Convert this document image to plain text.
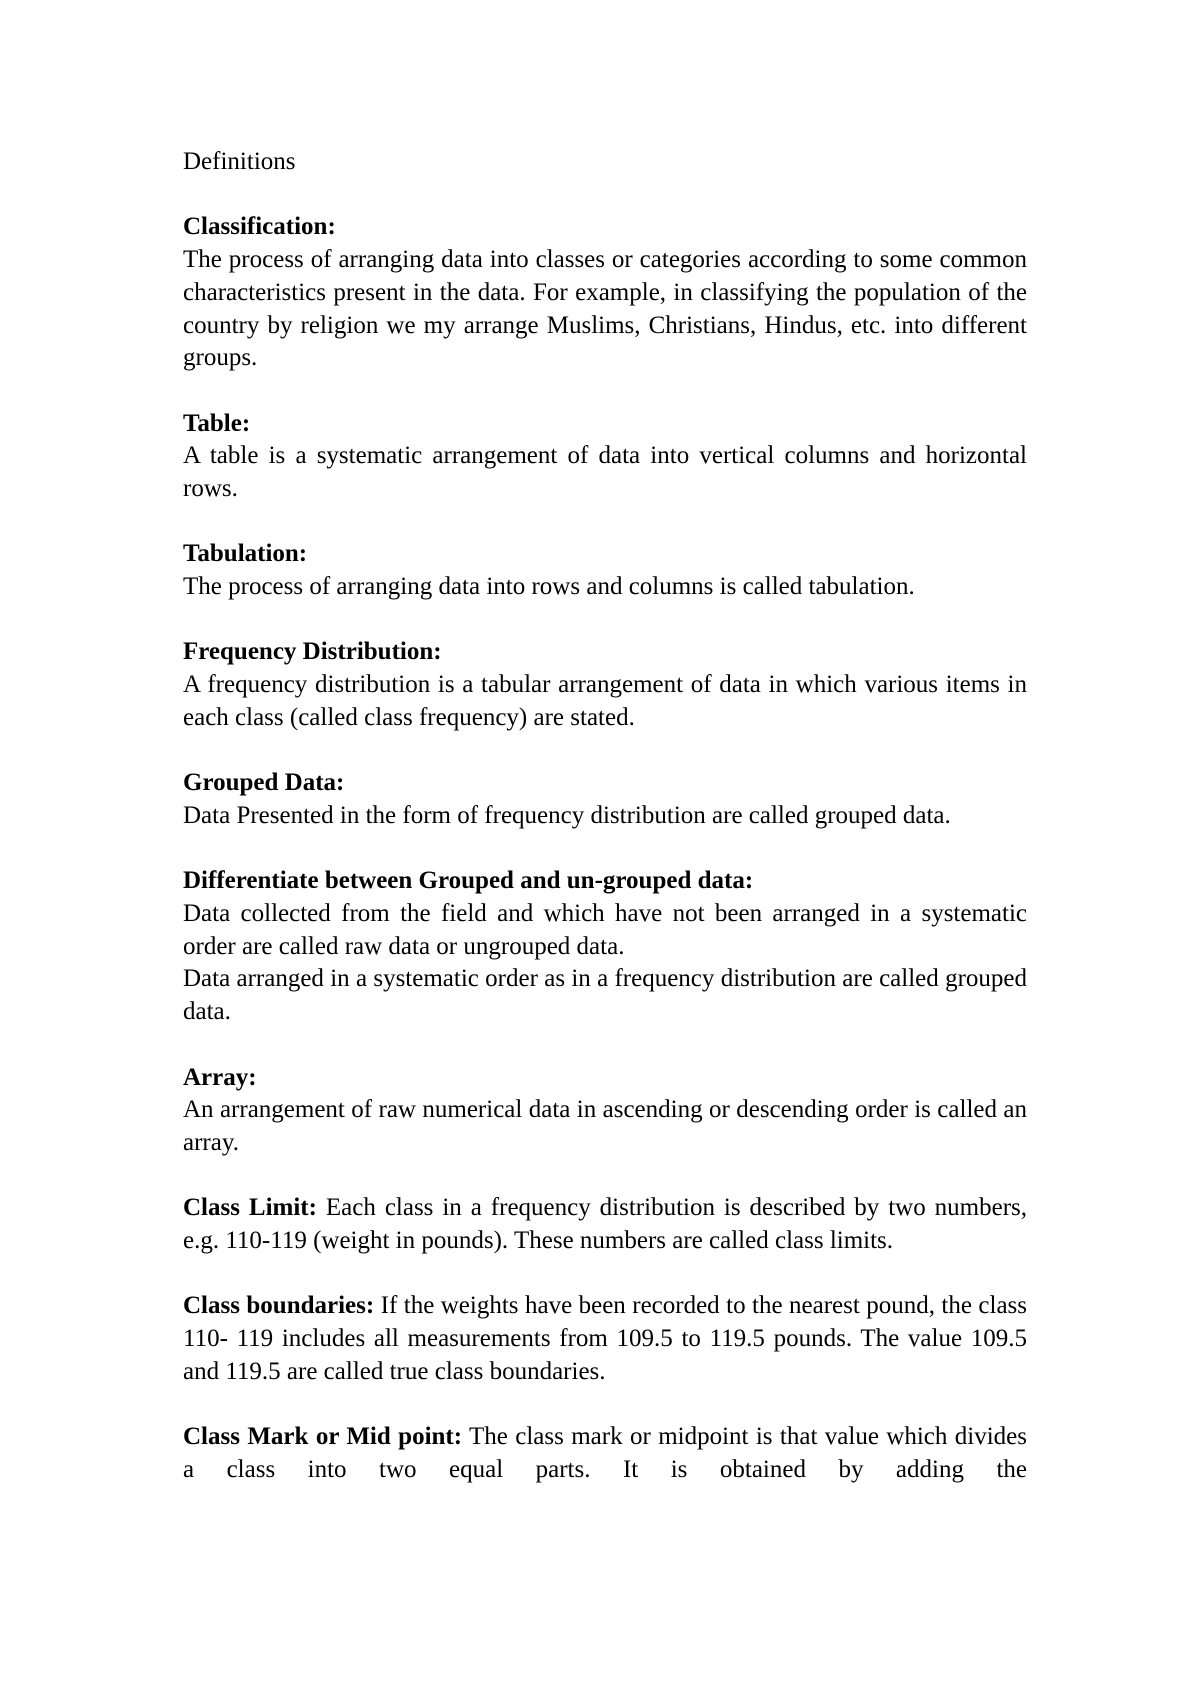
Definitions

Classification:

The process of arranging data into classes or categories according to some common characteristics present in the data. For example, in classifying the population of the country by religion we my arrange Muslims, Christians, Hindus, etc. into different groups.

Table:

A table is a systematic arrangement of data into vertical columns and horizontal rows.

Tabulation:

The process of arranging data into rows and columns is called tabulation.

Frequency Distribution:

A frequency distribution is a tabular arrangement of data in which various items in each class (called class frequency) are stated.

Grouped Data:

Data Presented in the form of frequency distribution are called grouped data.

Differentiate between Grouped and un-grouped data:

Data collected from the field and which have not been arranged in a systematic order are called raw data or ungrouped data.

Data arranged in a systematic order as in a frequency distribution are called grouped data.

Array:

An arrangement of raw numerical data in ascending or descending order is called an array.

Class Limit: Each class in a frequency distribution is described by two numbers, e.g. 110-119 (weight in pounds). These numbers are called class limits.

Class boundaries: If the weights have been recorded to the nearest pound, the class 110- 119 includes all measurements from 109.5 to 119.5 pounds. The value 109.5 and 119.5 are called true class boundaries.

Class Mark or Mid point: The class mark or midpoint is that value which divides a class into two equal parts. It is obtained by adding the
